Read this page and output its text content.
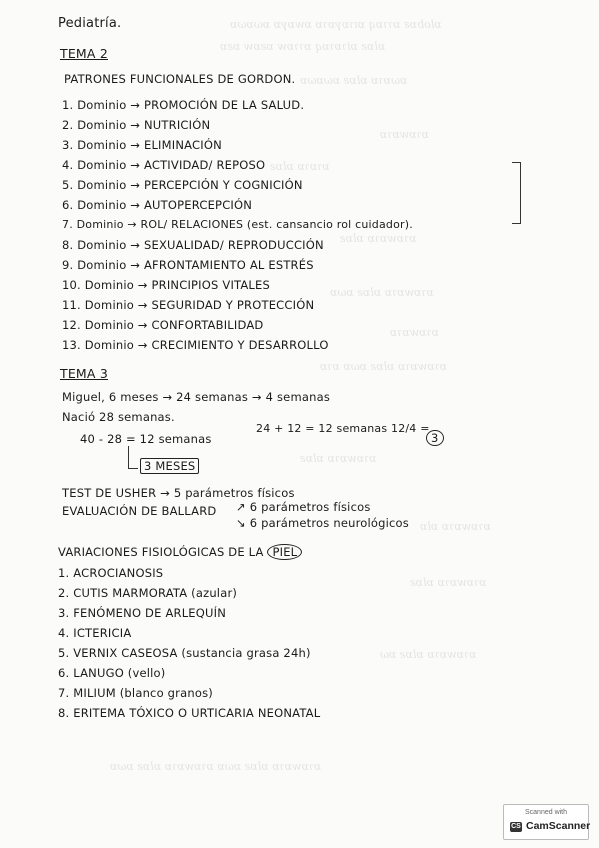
ɒlobɒƨ ɒɿɿɒq ɒıɿɒγɒɿɒ ɒwɒγɒ ɒωɒωɒ
ɒlɒƨ ɒiɿɒɿɒq ɒɿɿɒw ɒƨɒw ɒƨɒ
ɒωɒɿɒ ɒlɒƨ ɒωɒωɒ
ɒɿɒwɒɿɒ
ɒɿɒɿɒ ɒlɒƨ
ɒɿɒwɒɿɒ ɒlɒƨ
ɒɿɒwɒɿɒ ɒlɒƨ ɒωɒ
ɒɿɒwɒɿɒ
ɒɿɒwɒɿɒ ɒlɒƨ ɒωɒ ɒɿɒ
ɒɿɒwɒɿɒ ɒlɒƨ
ɒɿɒwɒɿɒ ɒlɒ
ɒɿɒwɒɿɒ ɒlɒƨ
ɒɿɒwɒɿɒ ɒlɒƨ ɒω
ɒɿɒwɒɿɒ ɒlɒƨ ɒωɒ ɒɿɒwɒɿɒ ɒlɒƨ ɒωɒ
Pediatría.
TEMA 2
PATRONES FUNCIONALES DE GORDON.
1. Dominio → PROMOCIÓN DE LA SALUD.
2. Dominio → NUTRICIÓN
3. Dominio → ELIMINACIÓN
4. Dominio → ACTIVIDAD/ REPOSO
5. Dominio → PERCEPCIÓN Y COGNICIÓN
6. Dominio → AUTOPERCEPCIÓN
7. Dominio → ROL/ RELACIONES (est. cansancio rol cuidador).
8. Dominio → SEXUALIDAD/ REPRODUCCIÓN
9. Dominio → AFRONTAMIENTO AL ESTRÉS
10. Dominio → PRINCIPIOS VITALES
11. Dominio → SEGURIDAD Y PROTECCIÓN
12. Dominio → CONFORTABILIDAD
13. Dominio → CRECIMIENTO Y DESARROLLO
TEMA 3
Miguel, 6 meses → 24 semanas → 4 semanas
Nació 28 semanas.
40 - 28 = 12 semanas
24 + 12 = 12 semanas 12/4 =
3
3 MESES
TEST DE USHER → 5 parámetros físicos
EVALUACIÓN DE BALLARD ↗ 6 parámetros físicos
↘ 6 parámetros neurológicos
VARIACIONES FISIOLÓGICAS DE LA PIEL
1. ACROCIANOSIS
2. CUTIS MARMORATA (azular)
3. FENÓMENO DE ARLEQUÍN
4. ICTERICIA
5. VERNIX CASEOSA (sustancia grasa 24h)
6. LANUGO (vello)
7. MILIUM (blanco granos)
8. ERITEMA TÓXICO O URTICARIA NEONATAL
Scanned with
CS CamScanner
